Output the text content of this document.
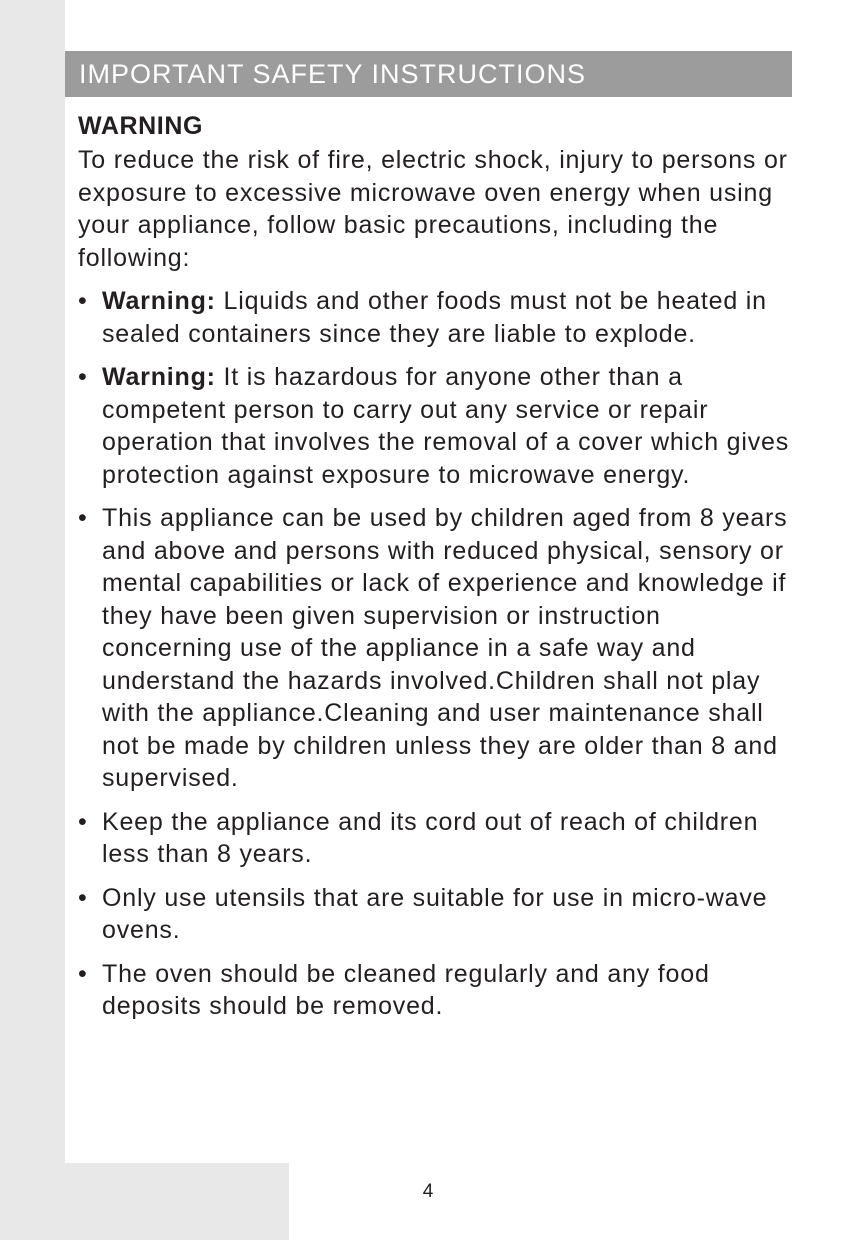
IMPORTANT SAFETY INSTRUCTIONS

WARNING

To reduce the risk of fire, electric shock, injury to persons or exposure to excessive microwave oven energy when using your appliance, follow basic precautions, including the following:

• Warning: Liquids and other foods must not be heated in sealed containers since they are liable to explode.
• Warning: It is hazardous for anyone other than a competent person to carry out any service or repair operation that involves the removal of a cover which gives protection against exposure to microwave energy.
• This appliance can be used by children aged from 8 years and above and persons with reduced physical, sensory or mental capabilities or lack of experience and knowledge if they have been given supervision or instruction concerning use of the appliance in a safe way and understand the hazards involved.Children shall not play with the appliance.Cleaning and user maintenance shall not be made by children unless they are older than 8 and supervised.
• Keep the appliance and its cord out of reach of children less than 8 years.
• Only use utensils that are suitable for use in micro-wave ovens.
• The oven should be cleaned regularly and any food deposits should be removed.
4
